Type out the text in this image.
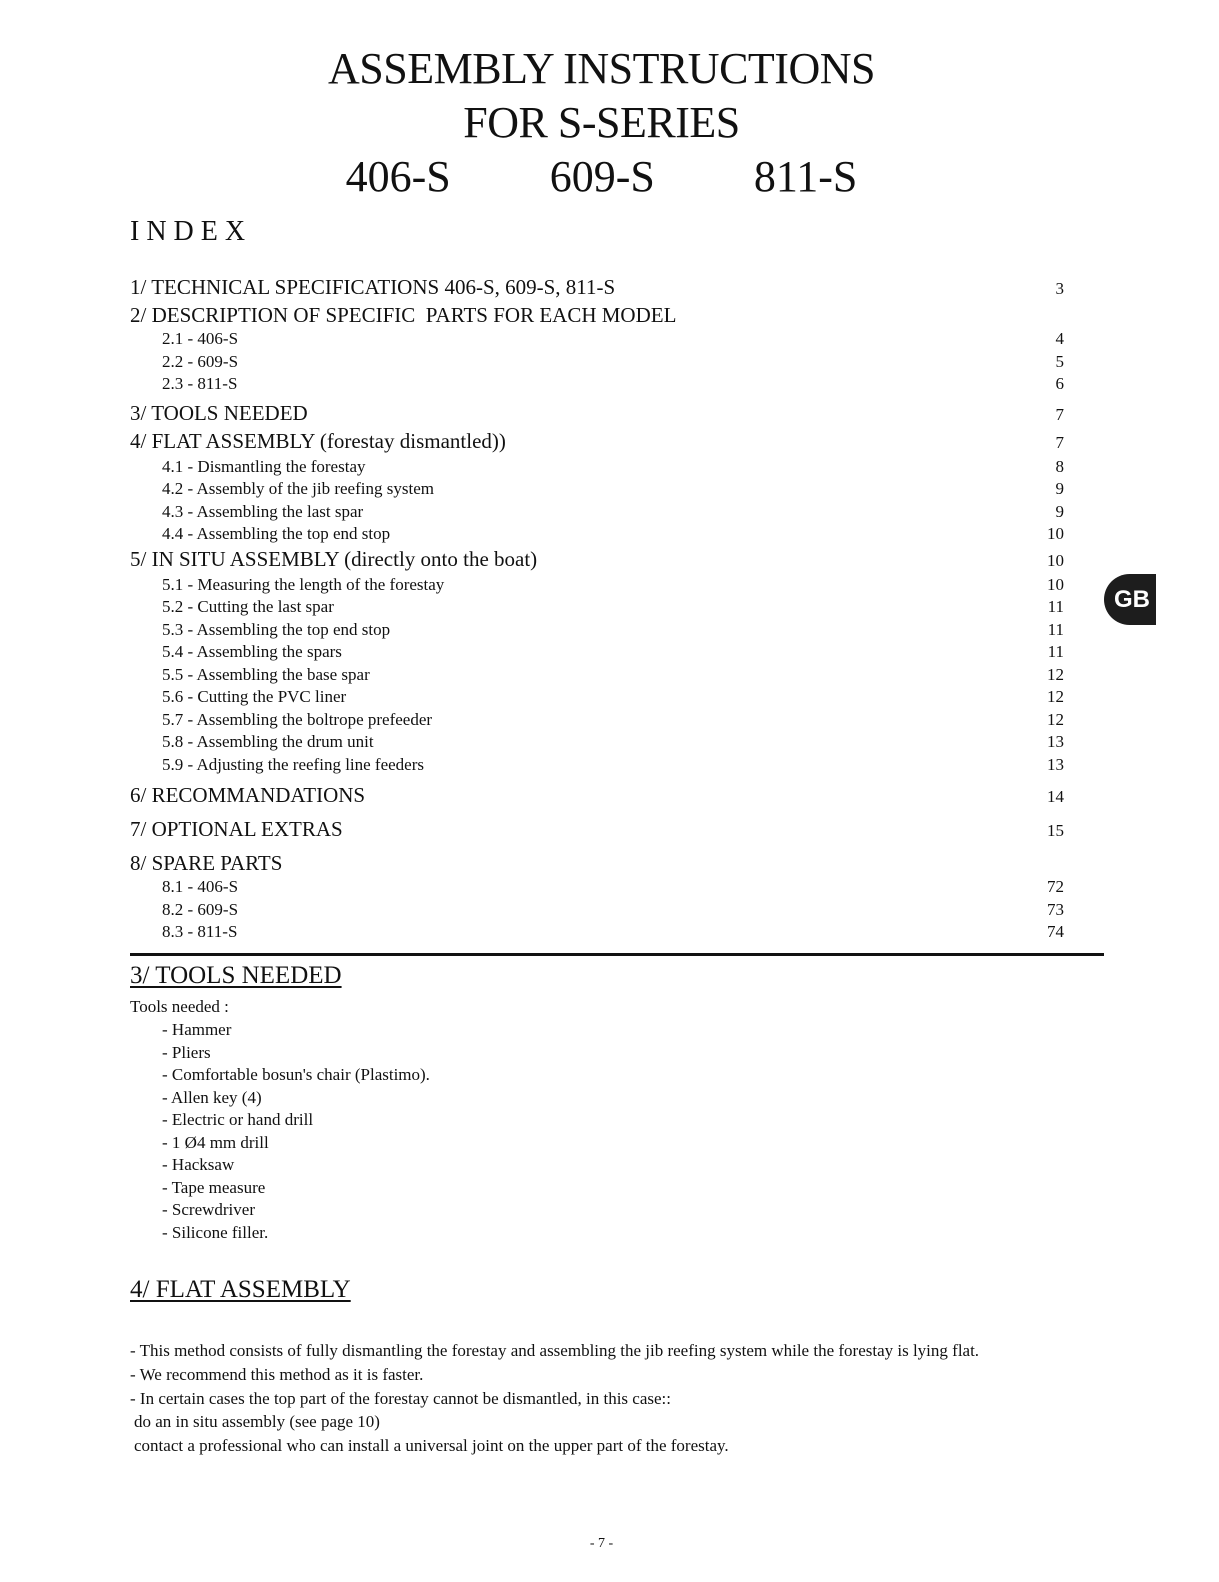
ASSEMBLY INSTRUCTIONS
FOR S-SERIES
406-S   609-S   811-S
INDEX
1/ TECHNICAL SPECIFICATIONS 406-S, 609-S, 811-S	3
2/ DESCRIPTION OF SPECIFIC  PARTS FOR EACH MODEL
2.1 - 406-S	4
2.2 - 609-S	5
2.3 - 811-S	6
3/ TOOLS NEEDED	7
4/ FLAT ASSEMBLY (forestay dismantled))	7
4.1 - Dismantling the forestay	8
4.2 - Assembly of the jib reefing system	9
4.3 - Assembling the last spar	9
4.4 - Assembling the top end stop	10
5/ IN SITU ASSEMBLY (directly onto the boat)	10
5.1 - Measuring the length of the forestay	10
5.2 - Cutting the last spar	11
5.3 - Assembling the top end stop	11
5.4 - Assembling the spars	11
5.5 - Assembling the base spar	12
5.6 - Cutting the PVC liner	12
5.7 - Assembling the boltrope prefeeder	12
5.8 - Assembling the drum unit	13
5.9 - Adjusting the reefing line feeders	13
6/ RECOMMANDATIONS	14
7/ OPTIONAL EXTRAS	15
8/ SPARE PARTS
8.1 - 406-S	72
8.2 - 609-S	73
8.3 - 811-S	74
GB
3/ TOOLS NEEDED
Tools needed :
- Hammer
- Pliers
- Comfortable bosun's chair (Plastimo).
- Allen key (4)
- Electric or hand drill
- 1 Ø4 mm drill
- Hacksaw
- Tape measure
- Screwdriver
- Silicone filler.
4/ FLAT ASSEMBLY
- This method consists of fully dismantling the forestay and assembling the jib reefing system while the forestay is lying flat.
- We recommend this method as it is faster.
- In certain cases the top part of the forestay cannot be dismantled, in this case::
do an in situ assembly (see page 10)
contact a professional who can install a universal joint on the upper part of the forestay.
- 7 -
